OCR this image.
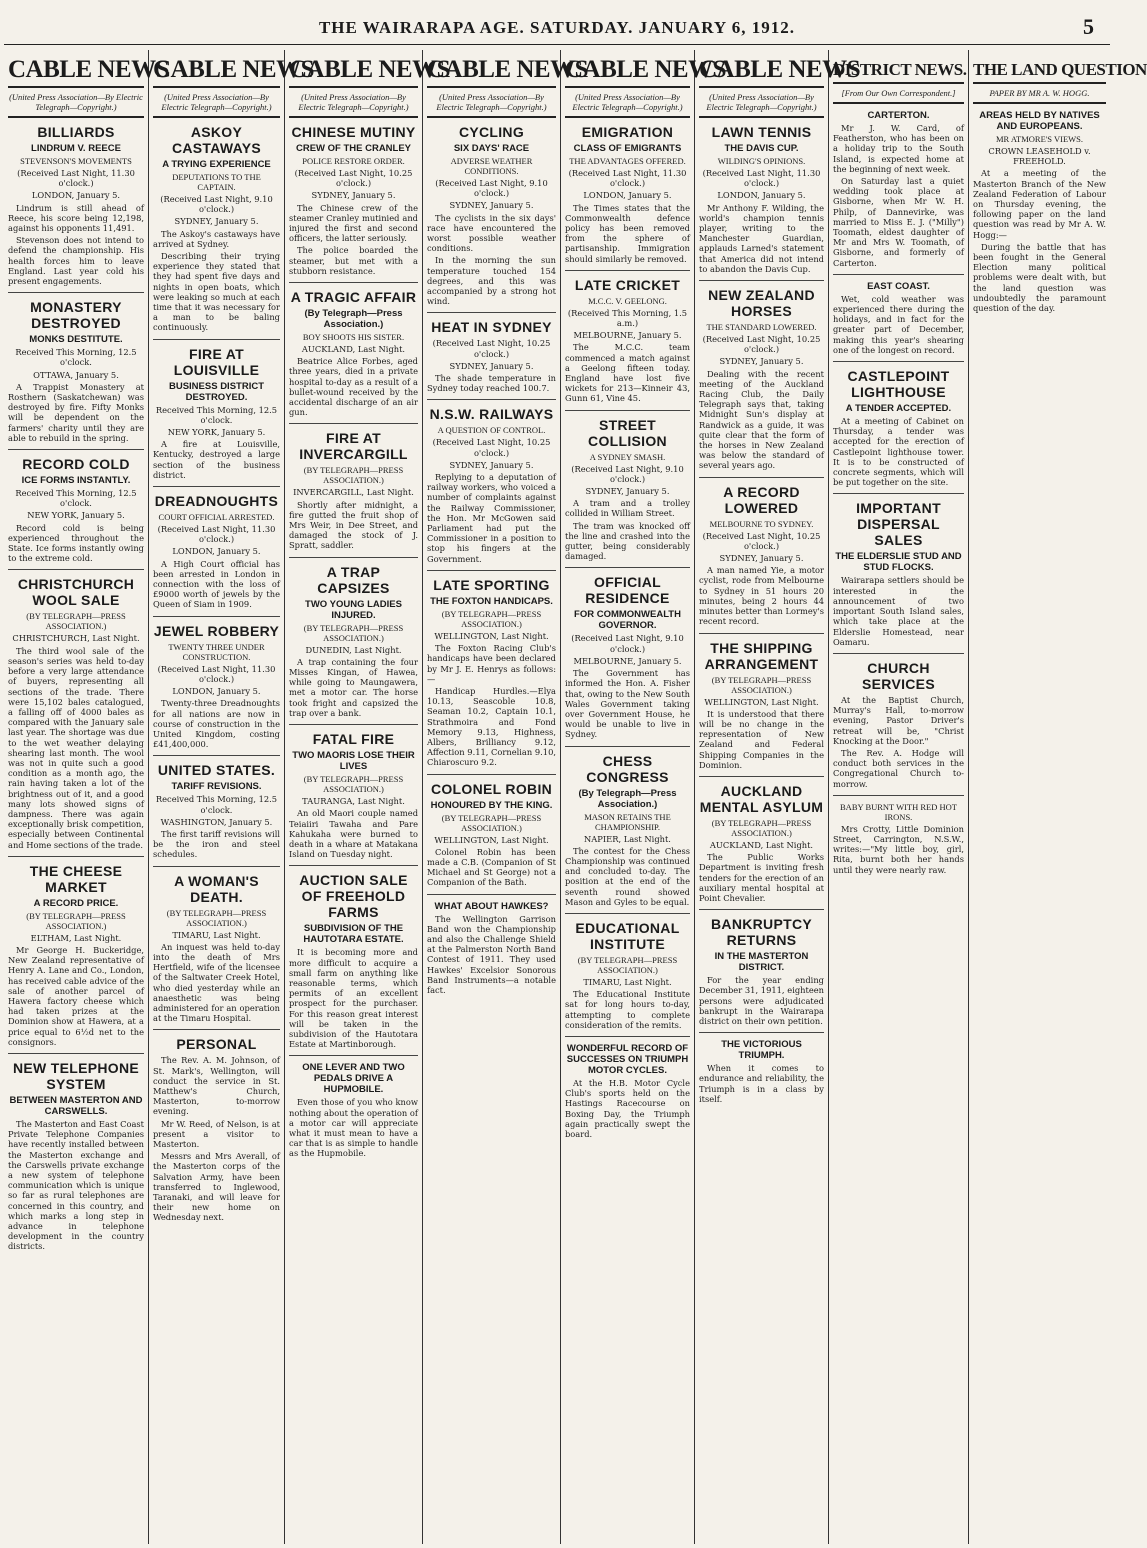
THE WAIRARAPA AGE. SATURDAY. JANUARY 6, 1912.	5
CABLE NEWS
(United Press Association—By Electric Telegraph—Copyright.)
BILLIARDS
LINDRUM V. REECE
STEVENSON'S MOVEMENTS
(Received Last Night, 11.30 o'clock.)
LONDON, January 5.
Lindrum is still ahead of Reece, his score being 12,198, against his opponents 11,491.
Stevenson does not intend to defend the championship. His health forces him to leave England. Last year cold his present engagements.
MONASTERY DESTROYED
MONKS DESTITUTE.
Received This Morning, 12.5 o'clock.
OTTAWA, January 5.
A Trappist Monastery at Rosthern (Saskatchewan) was destroyed by fire. Fifty Monks will be dependent on the farmers' charity until they are able to rebuild in the spring.
RECORD COLD
ICE FORMS INSTANTLY.
Received This Morning, 12.5 o'clock.
NEW YORK, January 5.
Record cold is being experienced throughout the State. Ice forms instantly owing to the extreme cold.
CHRISTCHURCH WOOL SALE
(BY TELEGRAPH—PRESS ASSOCIATION.)
CHRISTCHURCH, Last Night.
The third wool sale of the season's series was held to-day before a very large attendance of buyers, representing all sections of the trade. There were 15,102 bales catalogued, a falling off of 4000 bales as compared with the January sale last year. The shortage was due to the wet weather delaying shearing last month. The wool was not in quite such a good condition as a month ago, the rain having taken a lot of the brightness out of it, and a good many lots showed signs of dampness. There was again exceptionally brisk competition, especially between Continental and Home sections of the trade.
THE CHEESE MARKET
A RECORD PRICE.
(BY TELEGRAPH—PRESS ASSOCIATION.)
ELTHAM, Last Night.
Mr George H. Buckeridge, New Zealand representative of Henry A. Lane and Co., London, has received cable advice of the sale of another parcel of Hawera factory cheese which had taken prizes at the Dominion show at Hawera, at a price equal to 6½d net to the consignors.
NEW TELEPHONE SYSTEM
BETWEEN MASTERTON AND CARSWELLS.
The Masterton and East Coast Private Telephone Companies have recently installed between the Masterton exchange and the Carswells private exchange a new system of telephone communication which is unique so far as rural telephones are concerned in this country, and which marks a long step in advance in telephone development in the country districts.
CABLE NEWS
(United Press Association—By Electric Telegraph—Copyright.)
ASKOY CASTAWAYS
A TRYING EXPERIENCE
DEPUTATIONS TO THE CAPTAIN.
(Received Last Night, 9.10 o'clock.)
SYDNEY, January 5.
The Askoy's castaways have arrived at Sydney.
Describing their trying experience they stated that they had spent five days and nights in open boats, which were leaking so much at each time that it was necessary for a man to be baling continuously.
FIRE AT LOUISVILLE
BUSINESS DISTRICT DESTROYED.
Received This Morning, 12.5 o'clock.
NEW YORK, January 5.
A fire at Louisville, Kentucky, destroyed a large section of the business district.
DREADNOUGHTS
COURT OFFICIAL ARRESTED.
(Received Last Night, 11.30 o'clock.)
LONDON, January 5.
A High Court official has been arrested in London in connection with the loss of £9000 worth of jewels by the Queen of Siam in 1909.
JEWEL ROBBERY
TWENTY THREE UNDER CONSTRUCTION.
(Received Last Night, 11.30 o'clock.)
LONDON, January 5.
Twenty-three Dreadnoughts for all nations are now in course of construction in the United Kingdom, costing £41,400,000.
UNITED STATES.
TARIFF REVISIONS.
Received This Morning, 12.5 o'clock.
WASHINGTON, January 5.
The first tariff revisions will be the iron and steel schedules.
A WOMAN'S DEATH.
(BY TELEGRAPH—PRESS ASSOCIATION.)
TIMARU, Last Night.
An inquest was held to-day into the death of Mrs Hertfield, wife of the licensee of the Saltwater Creek Hotel, who died yesterday while an anaesthetic was being administered for an operation at the Timaru Hospital.
PERSONAL
The Rev. A. M. Johnson, of St. Mark's, Wellington, will conduct the service in St. Matthew's Church, Masterton, to-morrow evening.
Mr W. Reed, of Nelson, is at present a visitor to Masterton.
Messrs and Mrs Averall, of the Masterton corps of the Salvation Army, have been transferred to Inglewood, Taranaki, and will leave for their new home on Wednesday next.
CABLE NEWS
(United Press Association—By Electric Telegraph—Copyright.)
CHINESE MUTINY
CREW OF THE CRANLEY
POLICE RESTORE ORDER.
(Received Last Night, 10.25 o'clock.)
SYDNEY, January 5.
The Chinese crew of the steamer Cranley mutinied and injured the first and second officers, the latter seriously.
The police boarded the steamer, but met with a stubborn resistance.
A TRAGIC AFFAIR
(By Telegraph—Press Association.)
BOY SHOOTS HIS SISTER.
AUCKLAND, Last Night.
Beatrice Alice Forbes, aged three years, died in a private hospital to-day as a result of a bullet-wound received by the accidental discharge of an air gun.
FIRE AT INVERCARGILL
(BY TELEGRAPH—PRESS ASSOCIATION.)
INVERCARGILL, Last Night.
Shortly after midnight, a fire gutted the fruit shop of Mrs Weir, in Dee Street, and damaged the stock of J. Spratt, saddler.
A TRAP CAPSIZES
TWO YOUNG LADIES INJURED.
(BY TELEGRAPH—PRESS ASSOCIATION.)
DUNEDIN, Last Night.
A trap containing the four Misses Kingan, of Hawea, while going to Maungawera, met a motor car. The horse took fright and capsized the trap over a bank.
FATAL FIRE
TWO MAORIS LOSE THEIR LIVES
(BY TELEGRAPH—PRESS ASSOCIATION.)
TAURANGA, Last Night.
An old Maori couple named Teiaiiri Tawaha and Pare Kahukaha were burned to death in a whare at Matakana Island on Tuesday night.
AUCTION SALE OF FREEHOLD FARMS
SUBDIVISION OF THE HAUTOTARA ESTATE.
It is becoming more and more difficult to acquire a small farm on anything like reasonable terms, which permits of an excellent prospect for the purchaser. For this reason great interest will be taken in the subdivision of the Hautotara Estate at Martinborough.
ONE LEVER AND TWO PEDALS DRIVE A HUPMOBILE.
Even those of you who know nothing about the operation of a motor car will appreciate what it must mean to have a car that is as simple to handle as the Hupmobile.
CABLE NEWS
(United Press Association—By Electric Telegraph—Copyright.)
CYCLING
SIX DAYS' RACE
ADVERSE WEATHER CONDITIONS.
(Received Last Night, 9.10 o'clock.)
SYDNEY, January 5.
The cyclists in the six days' race have encountered the worst possible weather conditions.
In the morning the sun temperature touched 154 degrees, and this was accompanied by a strong hot wind.
HEAT IN SYDNEY
(Received Last Night, 10.25 o'clock.)
SYDNEY, January 5.
The shade temperature in Sydney today reached 100.7.
N.S.W. RAILWAYS
A QUESTION OF CONTROL.
(Received Last Night, 10.25 o'clock.)
SYDNEY, January 5.
Replying to a deputation of railway workers, who voiced a number of complaints against the Railway Commissioner, the Hon. Mr McGowen said Parliament had put the Commissioner in a position to stop his fingers at the Government.
LATE SPORTING
THE FOXTON HANDICAPS.
(BY TELEGRAPH—PRESS ASSOCIATION.)
WELLINGTON, Last Night.
The Foxton Racing Club's handicaps have been declared by Mr J. E. Henrys as follows:—
Handicap Hurdles.—Elya 10.13, Seascoble 10.8, Seaman 10.2, Captain 10.1, Strathmoira and Fond Memory 9.13, Highness, Albers, Brilliancy 9.12, Affection 9.11, Cornelian 9.10, Chiaroscuro 9.2.
COLONEL ROBIN
HONOURED BY THE KING.
(BY TELEGRAPH—PRESS ASSOCIATION.)
WELLINGTON, Last Night.
Colonel Robin has been made a C.B. (Companion of St Michael and St George) not a Companion of the Bath.
WHAT ABOUT HAWKES?
The Wellington Garrison Band won the Championship and also the Challenge Shield at the Palmerston North Band Contest of 1911. They used Hawkes' Excelsior Sonorous Band Instruments—a notable fact.
CABLE NEWS
(United Press Association—By Electric Telegraph—Copyright.)
EMIGRATION
CLASS OF EMIGRANTS
THE ADVANTAGES OFFERED.
(Received Last Night, 11.30 o'clock.)
LONDON, January 5.
The Times states that the Commonwealth defence policy has been removed from the sphere of partisanship. Immigration should similarly be removed.
LATE CRICKET
M.C.C. V. GEELONG.
(Received This Morning, 1.5 a.m.)
MELBOURNE, January 5.
The M.C.C. team commenced a match against a Geelong fifteen today. England have lost five wickets for 213—Kinneir 43, Gunn 61, Vine 45.
STREET COLLISION
A SYDNEY SMASH.
(Received Last Night, 9.10 o'clock.)
SYDNEY, January 5.
A tram and a trolley collided in William Street.
The tram was knocked off the line and crashed into the gutter, being considerably damaged.
OFFICIAL RESIDENCE
FOR COMMONWEALTH GOVERNOR.
(Received Last Night, 9.10 o'clock.)
MELBOURNE, January 5.
The Government has informed the Hon. A. Fisher that, owing to the New South Wales Government taking over Government House, he would be unable to live in Sydney.
CHESS CONGRESS
(By Telegraph—Press Association.)
MASON RETAINS THE CHAMPIONSHIP.
NAPIER, Last Night.
The contest for the Chess Championship was continued and concluded to-day. The position at the end of the seventh round showed Mason and Gyles to be equal.
EDUCATIONAL INSTITUTE
(BY TELEGRAPH—PRESS ASSOCIATION.)
TIMARU, Last Night.
The Educational Institute sat for long hours to-day, attempting to complete consideration of the remits.
WONDERFUL RECORD OF SUCCESSES ON TRIUMPH MOTOR CYCLES.
At the H.B. Motor Cycle Club's sports held on the Hastings Racecourse on Boxing Day, the Triumph again practically swept the board.
CABLE NEWS
(United Press Association—By Electric Telegraph—Copyright.)
LAWN TENNIS
THE DAVIS CUP.
WILDING'S OPINIONS.
(Received Last Night, 11.30 o'clock.)
LONDON, January 5.
Mr Anthony F. Wilding, the world's champion tennis player, writing to the Manchester Guardian, applauds Larned's statement that America did not intend to abandon the Davis Cup.
NEW ZEALAND HORSES
THE STANDARD LOWERED.
(Received Last Night, 10.25 o'clock.)
SYDNEY, January 5.
Dealing with the recent meeting of the Auckland Racing Club, the Daily Telegraph says that, taking Midnight Sun's display at Randwick as a guide, it was quite clear that the form of the horses in New Zealand was below the standard of several years ago.
A RECORD LOWERED
MELBOURNE TO SYDNEY.
(Received Last Night, 10.25 o'clock.)
SYDNEY, January 5.
A man named Yie, a motor cyclist, rode from Melbourne to Sydney in 51 hours 20 minutes, being 2 hours 44 minutes better than Lormey's recent record.
THE SHIPPING ARRANGEMENT
(BY TELEGRAPH—PRESS ASSOCIATION.)
WELLINGTON, Last Night.
It is understood that there will be no change in the representation of New Zealand and Federal Shipping Companies in the Dominion.
AUCKLAND MENTAL ASYLUM
(BY TELEGRAPH—PRESS ASSOCIATION.)
AUCKLAND, Last Night.
The Public Works Department is inviting fresh tenders for the erection of an auxiliary mental hospital at Point Chevalier.
BANKRUPTCY RETURNS
IN THE MASTERTON DISTRICT.
For the year ending December 31, 1911, eighteen persons were adjudicated bankrupt in the Wairarapa district on their own petition.
THE VICTORIOUS TRIUMPH.
When it comes to endurance and reliability, the Triumph is in a class by itself.
DISTRICT NEWS.
[From Our Own Correspondent.]
CARTERTON.
Mr J. W. Card, of Featherston, who has been on a holiday trip to the South Island, is expected home at the beginning of next week.
On Saturday last a quiet wedding took place at Gisborne, when Mr W. H. Philp, of Dannevirke, was married to Miss E. J. ("Milly") Toomath, eldest daughter of Mr and Mrs W. Toomath, of Gisborne, and formerly of Carterton.
EAST COAST.
Wet, cold weather was experienced there during the holidays, and in fact for the greater part of December, making this year's shearing one of the longest on record.
CASTLEPOINT LIGHTHOUSE
A TENDER ACCEPTED.
At a meeting of Cabinet on Thursday, a tender was accepted for the erection of Castlepoint lighthouse tower. It is to be constructed of concrete segments, which will be put together on the site.
IMPORTANT DISPERSAL SALES
THE ELDERSLIE STUD AND STUD FLOCKS.
Wairarapa settlers should be interested in the announcement of two important South Island sales, which take place at the Elderslie Homestead, near Oamaru.
CHURCH SERVICES
At the Baptist Church, Murray's Hall, to-morrow evening, Pastor Driver's retreat will be, "Christ Knocking at the Door."
The Rev. A. Hodge will conduct both services in the Congregational Church to-morrow.
BABY BURNT WITH RED HOT IRONS.
Mrs Crotty, Little Dominion Street, Carrington, N.S.W., writes:—"My little boy, girl, Rita, burnt both her hands until they were nearly raw.
THE LAND QUESTION
PAPER BY MR A. W. HOGG.
AREAS HELD BY NATIVES AND EUROPEANS.
MR ATMORE'S VIEWS.
CROWN LEASEHOLD v. FREEHOLD.
At a meeting of the Masterton Branch of the New Zealand Federation of Labour on Thursday evening, the following paper on the land question was read by Mr A. W. Hogg:—
During the battle that has been fought in the General Election many political problems were dealt with, but the land question was undoubtedly the paramount question of the day.
